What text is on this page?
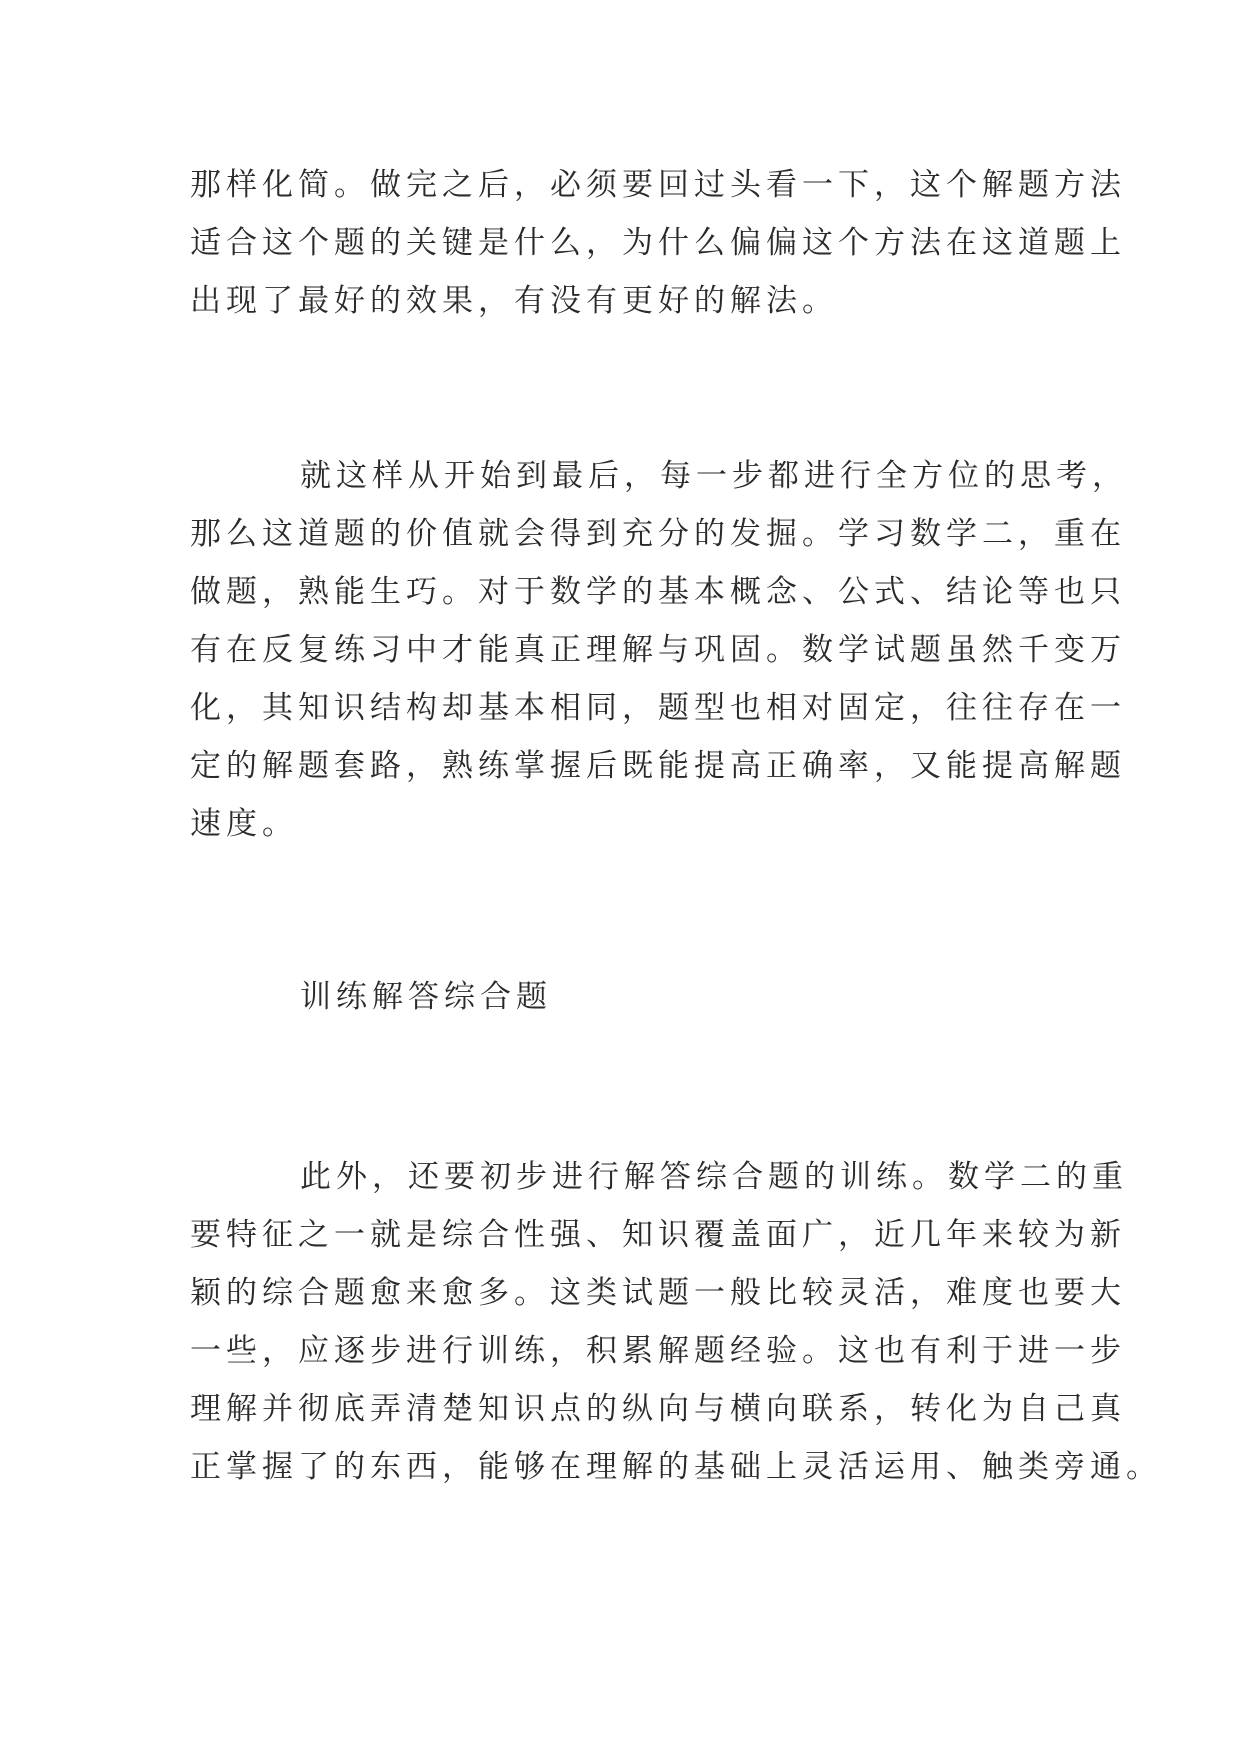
那样化简。做完之后，必须要回过头看一下，这个解题方法
适合这个题的关键是什么，为什么偏偏这个方法在这道题上
出现了最好的效果，有没有更好的解法。
就这样从开始到最后，每一步都进行全方位的思考，
那么这道题的价值就会得到充分的发掘。学习数学二，重在
做题，熟能生巧。对于数学的基本概念、公式、结论等也只
有在反复练习中才能真正理解与巩固。数学试题虽然千变万
化，其知识结构却基本相同，题型也相对固定，往往存在一
定的解题套路，熟练掌握后既能提高正确率，又能提高解题
速度。
训练解答综合题
此外，还要初步进行解答综合题的训练。数学二的重
要特征之一就是综合性强、知识覆盖面广，近几年来较为新
颖的综合题愈来愈多。这类试题一般比较灵活，难度也要大
一些，应逐步进行训练，积累解题经验。这也有利于进一步
理解并彻底弄清楚知识点的纵向与横向联系，转化为自己真
正掌握了的东西，能够在理解的基础上灵活运用、触类旁通。
